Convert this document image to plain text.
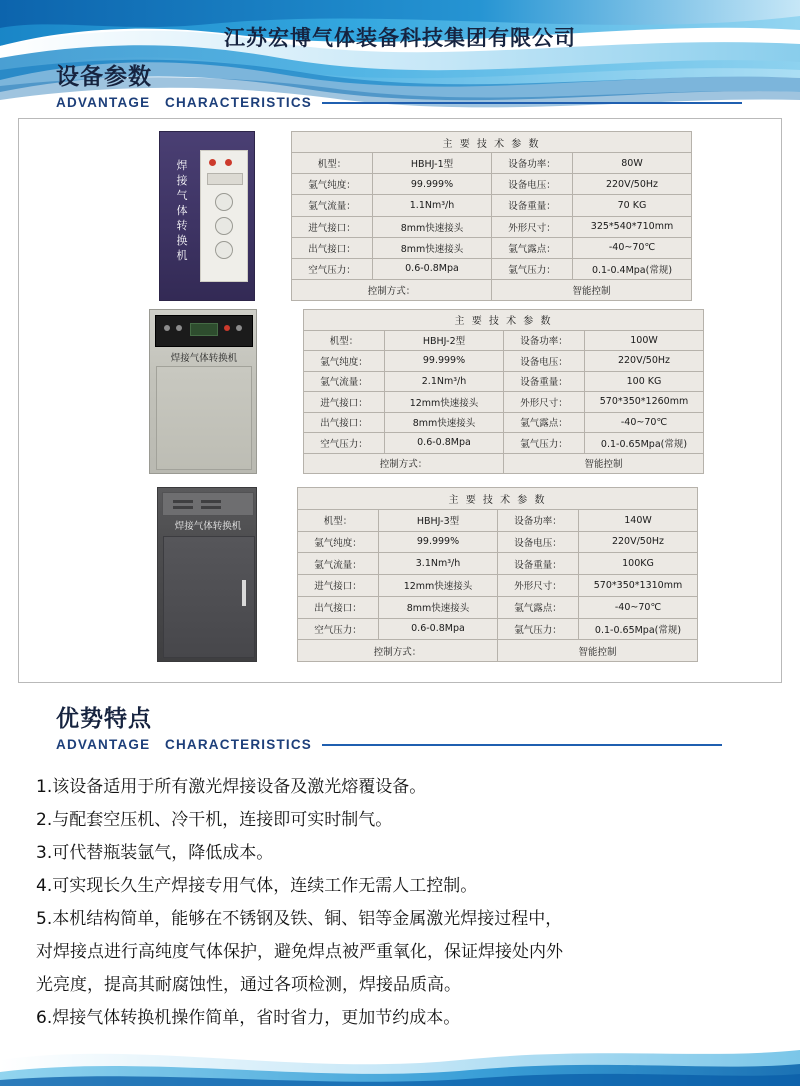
江苏宏博气体装备科技集团有限公司
设备参数
ADVANTAGE CHARACTERISTICS
焊接气体转换机
主 要 技 术 参 数			
机型：	HBHJ-1型	设备功率：	80W
氩气纯度：	99.999%	设备电压：	220V/50Hz
氩气流量：	1.1Nm³/h	设备重量：	70 KG
进气接口：	8mm快速接头	外形尺寸：	325*540*710mm
出气接口：	8mm快速接头	氩气露点：	-40~70℃
空气压力：	0.6-0.8Mpa	氩气压力：	0.1-0.4Mpa(常规)
控制方式：		智能控制	
焊接气体转换机
主 要 技 术 参 数			
机型：	HBHJ-2型	设备功率：	100W
氩气纯度：	99.999%	设备电压：	220V/50Hz
氩气流量：	2.1Nm³/h	设备重量：	100 KG
进气接口：	12mm快速接头	外形尺寸：	570*350*1260mm
出气接口：	8mm快速接头	氩气露点：	-40~70℃
空气压力：	0.6-0.8Mpa	氩气压力：	0.1-0.65Mpa(常规)
控制方式：		智能控制	
焊接气体转换机
主 要 技 术 参 数			
机型：	HBHJ-3型	设备功率：	140W
氩气纯度：	99.999%	设备电压：	220V/50Hz
氩气流量：	3.1Nm³/h	设备重量：	100KG
进气接口：	12mm快速接头	外形尺寸：	570*350*1310mm
出气接口：	8mm快速接头	氩气露点：	-40~70℃
空气压力：	0.6-0.8Mpa	氩气压力：	0.1-0.65Mpa(常规)
控制方式：		智能控制	
优势特点
ADVANTAGE CHARACTERISTICS
1.该设备适用于所有激光焊接设备及激光熔覆设备。
2.与配套空压机、冷干机，连接即可实时制气。
3.可代替瓶装氩气，降低成本。
4.可实现长久生产焊接专用气体，连续工作无需人工控制。
5.本机结构简单，能够在不锈钢及铁、铜、铝等金属激光焊接过程中，
对焊接点进行高纯度气体保护，避免焊点被严重氧化，保证焊接处内外
光亮度，提高其耐腐蚀性，通过各项检测，焊接品质高。
6.焊接气体转换机操作简单，省时省力，更加节约成本。
